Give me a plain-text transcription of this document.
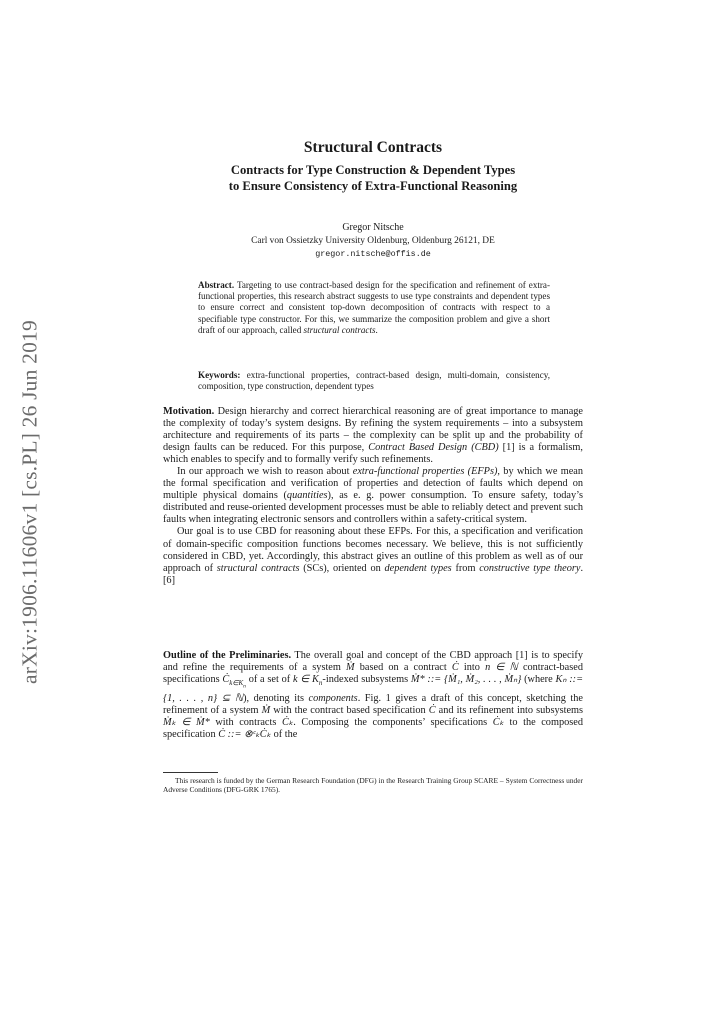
arXiv:1906.11606v1 [cs.PL] 26 Jun 2019
Structural Contracts
Contracts for Type Construction & Dependent Types
to Ensure Consistency of Extra-Functional Reasoning
Gregor Nitsche
Carl von Ossietzky University Oldenburg, Oldenburg 26121, DE
gregor.nitsche@offis.de
Abstract. Targeting to use contract-based design for the specification and refinement of extra-functional properties, this research abstract suggests to use type constraints and dependent types to ensure correct and consistent top-down decomposition of contracts with respect to a specifiable type constructor. For this, we summarize the composition problem and give a short draft of our approach, called structural contracts.
Keywords: extra-functional properties, contract-based design, multi-domain, consistency, composition, type construction, dependent types

Motivation. Design hierarchy and correct hierarchical reasoning are of great importance to manage the complexity of today’s system designs. By refining the system requirements – into a subsystem architecture and requirements of its parts – the complexity can be split up and the probability of design faults can be reduced. For this purpose, Contract Based Design (CBD) [1] is a formalism, which enables to specify and to formally verify such refinements.

In our approach we wish to reason about extra-functional properties (EFPs), by which we mean the formal specification and verification of properties and detection of faults which depend on multiple physical domains (quantities), as e. g. power consumption. To ensure safety, today’s distributed and reuse-oriented development processes must be able to reliably detect and prevent such faults when integrating electronic sensors and controllers within a safety-critical system.

Our goal is to use CBD for reasoning about these EFPs. For this, a specification and verification of domain-specific composition functions becomes necessary. We believe, this is not sufficiently considered in CBD, yet. Accordingly, this abstract gives an outline of this problem as well as of our approach of structural contracts (SCs), oriented on dependent types from constructive type theory. [6]

Outline of the Preliminaries. The overall goal and concept of the CBD approach [1] is to specify and refine the requirements of a system Ṁ based on a contract Ċ into n ∈ ℕ contract-based specifications $Ċ_{k\in K_n}$ of a set of k ∈ $K_n$-indexed subsystems Ṁ* ::= {Ṁ₁, Ṁ₂, . . . , Ṁₙ} (where Kₙ ::= {1, . . . , n} ⊆ ℕ), denoting its components. Fig. 1 gives a draft of this concept, sketching the refinement of a system Ṁ with the contract based specification Ċ and its refinement into subsystems Ṁₖ ∈ Ṁ* with contracts Ċₖ. Composing the components’ specifications Ċₖ to the composed specification Ċ ::= ⊗ᶜₖĊₖ of the

This research is funded by the German Research Foundation (DFG) in the Research Training Group SCARE – System Correctness under Adverse Conditions (DFG-GRK 1765).
